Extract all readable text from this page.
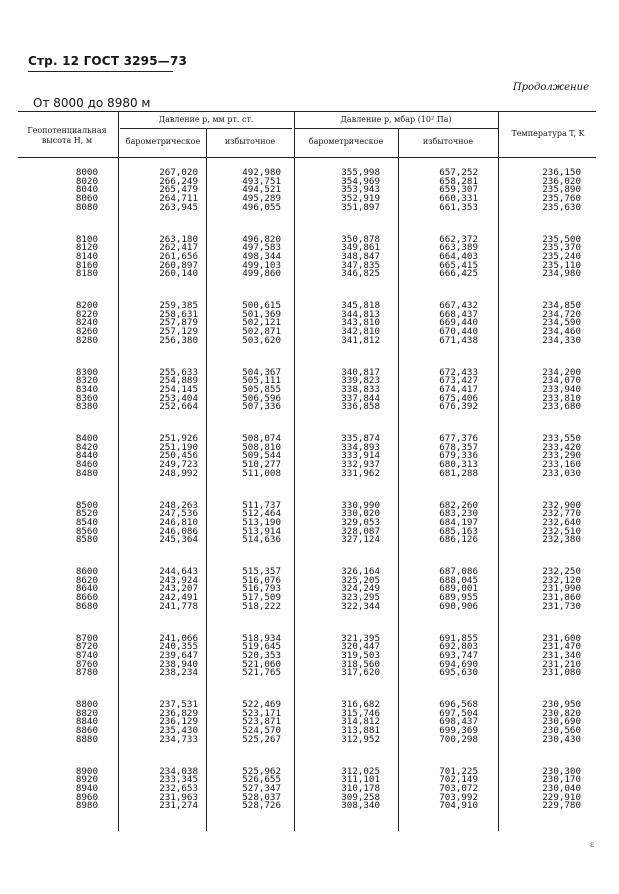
Стр. 12 ГОСТ 3295—73
Продолжение
От 8000 до 8980 м
Геопотенциальная высота H, м
Давление p, мм рт. ст.	Давление p, мбар (10² Па)
барометрическое	избыточное	барометрическое	избыточное
Температура T, K
8000	267,020	492,980	355,998	657,252	236,150
8020	266,249	493,751	354,969	658,281	236,020
8040	265,479	494,521	353,943	659,307	235,890
8060	264,711	495,289	352,919	660,331	235,760
8080	263,945	496,055	351,897	661,353	235,630
8100	263,180	496,820	350,878	662,372	235,500
8120	262,417	497,583	349,861	663,389	235,370
8140	261,656	498,344	348,847	664,403	235,240
8160	260,897	499,103	347,835	665,415	235,110
8180	260,140	499,860	346,825	666,425	234,980
8200	259,385	500,615	345,818	667,432	234,850
8220	258,631	501,369	344,813	668,437	234,720
8240	257,879	502,121	343,810	669,440	234,590
8260	257,129	502,871	342,810	670,440	234,460
8280	256,380	503,620	341,812	671,438	234,330
8300	255,633	504,367	340,817	672,433	234,200
8320	254,889	505,111	339,823	673,427	234,070
8340	254,145	505,855	338,833	674,417	233,940
8360	253,404	506,596	337,844	675,406	233,810
8380	252,664	507,336	336,858	676,392	233,680
8400	251,926	508,074	335,874	677,376	233,550
8420	251,190	508,810	334,893	678,357	233,420
8440	250,456	509,544	333,914	679,336	233,290
8460	249,723	510,277	332,937	680,313	233,160
8480	248,992	511,008	331,962	681,288	233,030
8500	248,263	511,737	330,990	682,260	232,900
8520	247,536	512,464	330,020	683,230	232,770
8540	246,810	513,190	329,053	684,197	232,640
8560	246,086	513,914	328,087	685,163	232,510
8580	245,364	514,636	327,124	686,126	232,380
8600	244,643	515,357	326,164	687,086	232,250
8620	243,924	516,076	325,205	688,045	232,120
8640	243,207	516,793	324,249	689,001	231,990
8660	242,491	517,509	323,295	689,955	231,860
8680	241,778	518,222	322,344	690,906	231,730
8700	241,066	518,934	321,395	691,855	231,600
8720	240,355	519,645	320,447	692,803	231,470
8740	239,647	520,353	319,503	693,747	231,340
8760	238,940	521,060	318,560	694,690	231,210
8780	238,234	521,765	317,620	695,630	231,080
8800	237,531	522,469	316,682	696,568	230,950
8820	236,829	523,171	315,746	697,504	230,820
8840	236,129	523,871	314,812	698,437	230,690
8860	235,430	524,570	313,881	699,369	230,560
8880	234,733	525,267	312,952	700,298	230,430
8900	234,038	525,962	312,025	701,225	230,300
8920	233,345	526,655	311,101	702,149	230,170
8940	232,653	527,347	310,178	703,072	230,040
8960	231,963	528,037	309,258	703,992	229,910
8980	231,274	528,726	308,340	704,910	229,780
ɛ
